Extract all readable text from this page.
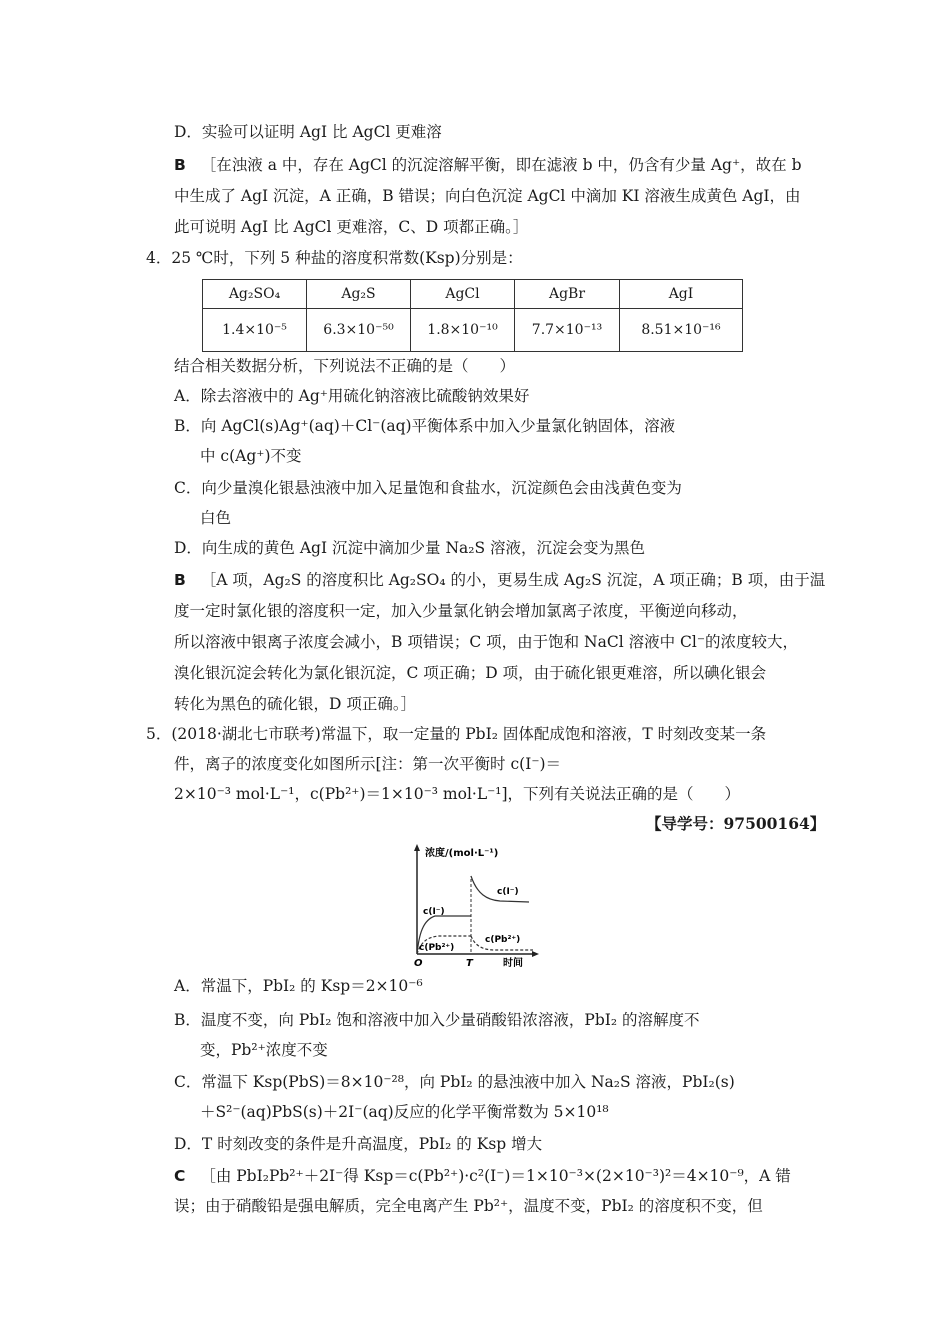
D．实验可以证明 AgI 比 AgCl 更难溶
B ［在浊液 a 中，存在 AgCl 的沉淀溶解平衡，即在滤液 b 中，仍含有少量 Ag⁺，故在 b
中生成了 AgI 沉淀，A 正确，B 错误；向白色沉淀 AgCl 中滴加 KI 溶液生成黄色 AgI，由
此可说明 AgI 比 AgCl 更难溶，C、D 项都正确。］
4．25 ℃时，下列 5 种盐的溶度积常数(Ksp)分别是：
Ag₂SO₄	Ag₂S	AgCl	AgBr	AgI
1.4×10⁻⁵	6.3×10⁻⁵⁰	1.8×10⁻¹⁰	7.7×10⁻¹³	8.51×10⁻¹⁶
结合相关数据分析，下列说法不正确的是（　　）
A．除去溶液中的 Ag⁺用硫化钠溶液比硫酸钠效果好
B．向 AgCl(s)Ag⁺(aq)＋Cl⁻(aq)平衡体系中加入少量氯化钠固体，溶液
中 c(Ag⁺)不变
C．向少量溴化银悬浊液中加入足量饱和食盐水，沉淀颜色会由浅黄色变为
白色
D．向生成的黄色 AgI 沉淀中滴加少量 Na₂S 溶液，沉淀会变为黑色
B ［A 项，Ag₂S 的溶度积比 Ag₂SO₄ 的小，更易生成 Ag₂S 沉淀，A 项正确；B 项，由于温
度一定时氯化银的溶度积一定，加入少量氯化钠会增加氯离子浓度，平衡逆向移动，
所以溶液中银离子浓度会减小，B 项错误；C 项，由于饱和 NaCl 溶液中 Cl⁻的浓度较大，
溴化银沉淀会转化为氯化银沉淀，C 项正确；D 项，由于硫化银更难溶，所以碘化银会
转化为黑色的硫化银，D 项正确。］
5．(2018·湖北七市联考)常温下，取一定量的 PbI₂ 固体配成饱和溶液，T 时刻改变某一条
件，离子的浓度变化如图所示[注：第一次平衡时 c(I⁻)＝
2×10⁻³ mol·L⁻¹，c(Pb²⁺)＝1×10⁻³ mol·L⁻¹]，下列有关说法正确的是（　　）
【导学号：97500164】
浓度/(mol·L⁻¹)
O	T	时间
c(I⁻)
c(Pb²⁺)
c(I⁻)
c(Pb²⁺)
A．常温下，PbI₂ 的 Ksp＝2×10⁻⁶
B．温度不变，向 PbI₂ 饱和溶液中加入少量硝酸铅浓溶液，PbI₂ 的溶解度不
变，Pb²⁺浓度不变
C．常温下 Ksp(PbS)＝8×10⁻²⁸，向 PbI₂ 的悬浊液中加入 Na₂S 溶液，PbI₂(s)
＋S²⁻(aq)PbS(s)＋2I⁻(aq)反应的化学平衡常数为 5×10¹⁸
D．T 时刻改变的条件是升高温度，PbI₂ 的 Ksp 增大
C ［由 PbI₂Pb²⁺＋2I⁻得 Ksp＝c(Pb²⁺)·c²(I⁻)＝1×10⁻³×(2×10⁻³)²＝4×10⁻⁹，A 错
误；由于硝酸铅是强电解质，完全电离产生 Pb²⁺，温度不变，PbI₂ 的溶度积不变，但
